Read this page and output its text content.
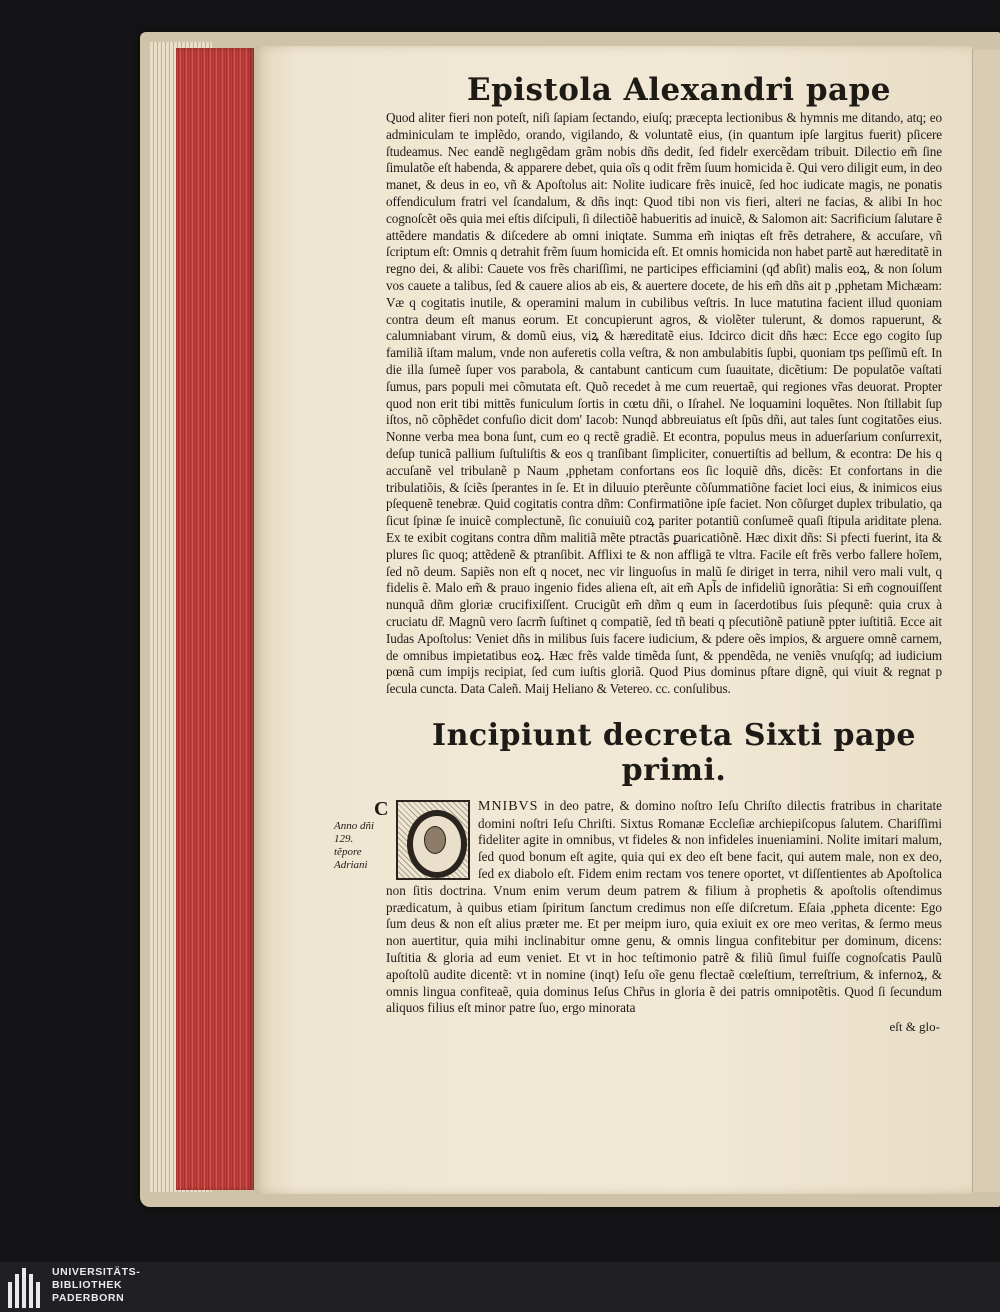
Epistola Alexandri pape

Quod aliter fieri non poteſt, niſi ſapiam ſectando, eiuſq; præcepta lectionibus & hymnis me ditando, atq; eo adminiculam te implẽdo, orando, vigilando, & voluntatẽ eius, (in quantum ipſe largitus fuerit) pſicere ſtudeamus. Nec eandẽ neglıgẽdam grãm nobis dñs dedit, ſed fidelr exercẽdam tribuit. Dilectio em̃ ſine ſimulatõe eſt habenda, & apparere debet, quia oĩs q odit frẽm ſuum homicida ẽ. Qui vero diligit eum, in deo manet, & deus in eo, vñ & Apoſtolus ait: Nolite iudicare frẽs inuicẽ, ſed hoc iudicate magis, ne ponatis offendiculum fratri vel ſcandalum, & dñs inqt: Quod tibi non vis fieri, alteri ne facias, & alibi In hoc cognoſcẽt oẽs quia mei eſtis diſcipuli, ſi dilectiõẽ habueritis ad inuicẽ, & Salomon ait: Sacrificium ſalutare ẽ attẽdere mandatis & diſcedere ab omni iniqtate. Summa em̃ iniqtas eſt frẽs detrahere, & accuſare, vñ ſcriptum eſt: Omnis q detrahit frẽm ſuum homicida eſt. Et omnis homicida non habet partẽ aut hæreditatẽ in regno dei, & alibi: Cauete vos frẽs chariſſimi, ne participes efficiamini (qđ abſit) malis eoꝝ, & non ſolum vos cauete a talibus, ſed & cauere alios ab eis, & auertere docete, de his em̃ dñs ait p ,pphetam Michæam: Væ q cogitatis inutile, & operamini malum in cubilibus veſtris. In luce matutina facient illud quoniam contra deum eſt manus eorum. Et concupierunt agros, & violẽter tulerunt, & domos rapuerunt, & calumniabant virum, & domũ eius, viꝝ & hæreditatẽ eius. Idcirco dicit dñs hæc: Ecce ego cogito ſup familiã iſtam malum, vnde non auferetis colla veſtra, & non ambulabitis ſupbi, quoniam tps peſſimũ eſt. In die illa ſumeẽ ſuper vos parabola, & cantabunt canticum cum ſuauitate, dicẽtium: De populatõe vaſtati ſumus, pars populi mei cõmutata eſt. Quõ recedet à me cum reuertaẽ, qui regiones vr̃as deuorat. Propter quod non erit tibi mittẽs funiculum ſortis in cœtu dñi, o Iſrahel. Ne loquamini loquẽtes. Non ſtillabit ſup iſtos, nõ cõphẽdet confuſio dicit dom' Iacob: Nunqd abbreuiatus eſt ſpũs dñi, aut tales ſunt cogitatões eius. Nonne verba mea bona ſunt, cum eo q rectẽ gradiẽ. Et econtra, populus meus in aduerſarium conſurrexit, deſup tunicã pallium ſuſtuliſtis & eos q tranſibant ſimpliciter, conuertiſtis ad bellum, & econtra: De his q accuſanẽ vel tribulanẽ p Naum ,pphetam confortans eos ſic loquiẽ dñs, dicẽs: Et confortans in die tribulatiõis, & ſciẽs ſperantes in ſe. Et in diluuio pterẽunte cõſummatiõne faciet loci eius, & inimicos eius pſequenẽ tenebræ. Quid cogitatis contra dñm: Confirmatiõne ipſe faciet. Non cõſurget duplex tribulatio, qa ſicut ſpinæ ſe inuicẽ complectunẽ, ſic conuiuiũ coꝝ pariter potantiũ conſumeẽ quaſi ſtipula ariditate plena. Ex te exibit cogitans contra dñm malitiã mẽte ptractãs ꝑuaricatiõnẽ. Hæc dixit dñs: Si pfecti fuerint, ita & plures ſic quoq; attẽdenẽ & ptranſibit. Afflixi te & non affligã te vltra. Facile eſt frẽs verbo fallere hoĩem, ſed nõ deum. Sapiẽs non eſt q nocet, nec vir linguoſus in malũ ſe diriget in terra, nihil vero mali vult, q fidelis ẽ. Malo em̃ & prauo ingenio fides aliena eſt, ait em̃ Apl̃s de infideliũ ignorãtia: Si em̃ cognouiſſent nunquã dñm gloriæ crucifixiſſent. Crucigũt em̃ dñm q eum in ſacerdotibus ſuis pſequnẽ: quia crux à cruciatu dr̃. Magnũ vero ſacrm̃ ſuſtinet q compatiẽ, ſed tñ beati q pſecutiõnẽ patiunẽ ppter iuſtitiã. Ecce ait Iudas Apoſtolus: Veniet dñs in milibus ſuis facere iudicium, & pdere oẽs impios, & arguere omnẽ carnem, de omnibus impietatibus eoꝝ. Hæc frẽs valde timẽda ſunt, & ppendẽda, ne veniẽs vnuſqſq; ad iudicium pœnã cum impijs recipiat, ſed cum iuſtis gloriã. Quod Pius dominus pſtare dignẽ, qui viuit & regnat p ſecula cuncta. Data Caleñ. Maij Heliano & Vetereo. cc. conſulibus.

Incipiunt decreta Sixti pape primi.
C
Anno dñi 129. tẽpore Adriani

MNIBVS in deo patre, & domino noſtro Ieſu Chriſto dilectis fratribus in charitate domini noſtri Ieſu Chriſti. Sixtus Romanæ Eccleſiæ archiepiſcopus ſalutem. Chariſſimi fideliter agite in omnibus, vt fideles & non infideles inueniamini. Nolite imitari malum, ſed quod bonum eſt agite, quia qui ex deo eſt bene facit, qui autem male, non ex deo, ſed ex diabolo eſt. Fidem enim rectam vos tenere oportet, vt diſſentientes ab Apoſtolica non ſitis doctrina. Vnum enim verum deum patrem & filium à prophetis & apoſtolis oſtendimus prædicatum, à quibus etiam ſpiritum ſanctum credimus non eſſe diſcretum. Eſaia ,ppheta dicente: Ego ſum deus & non eſt alius præter me. Et per meipm iuro, quia exiuit ex ore meo veritas, & ſermo meus non auertitur, quia mihi inclinabitur omne genu, & omnis lingua confitebitur per dominum, dicens: Iuſtitia & gloria ad eum veniet. Et vt in hoc teſtimonio patrẽ & filiũ ſimul fuiſſe cognoſcatis Paulũ apoſtolũ audite dicentẽ: vt in nomine (inqt) Ieſu oĩe genu flectaẽ cœleſtium, terreſtrium, & infernoꝝ, & omnis lingua confiteaẽ, quia dominus Ieſus Chr̃us in gloria ẽ dei patris omnipotẽtis. Quod ſi ſecundum aliquos filius eſt minor patre ſuo, ergo minorata

eſt & glo-
UNIVERSITÄTS-
BIBLIOTHEK
PADERBORN
